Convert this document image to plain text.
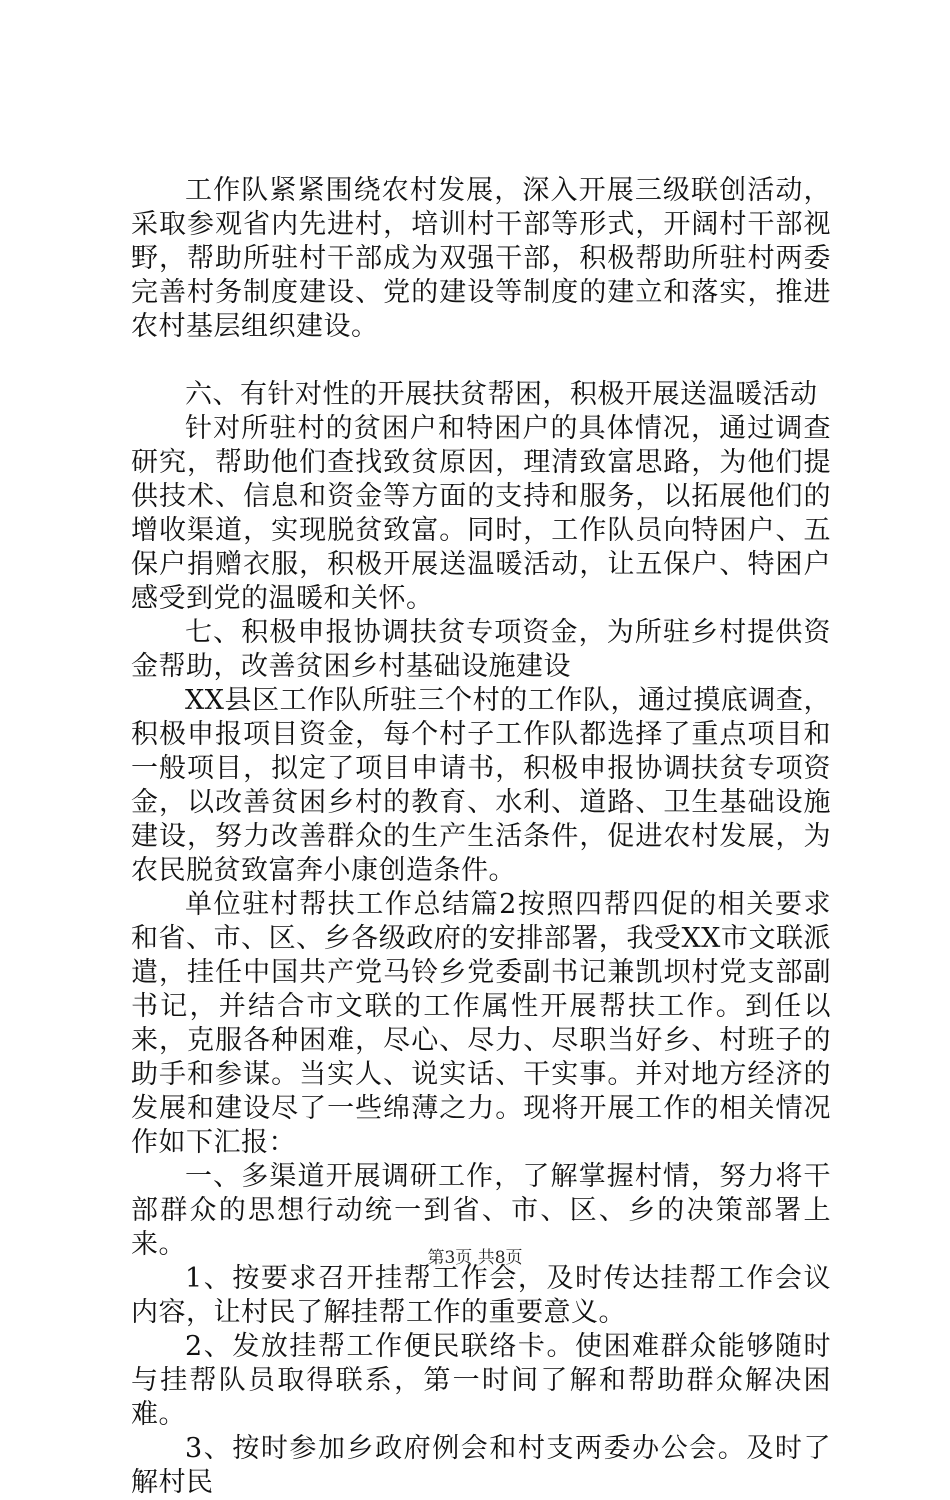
工作队紧紧围绕农村发展，深入开展三级联创活动，采取参观省内先进村，培训村干部等形式，开阔村干部视野，帮助所驻村干部成为双强干部，积极帮助所驻村两委完善村务制度建设、党的建设等制度的建立和落实，推进农村基层组织建设。

六、有针对性的开展扶贫帮困，积极开展送温暖活动

针对所驻村的贫困户和特困户的具体情况，通过调查研究，帮助他们查找致贫原因，理清致富思路，为他们提供技术、信息和资金等方面的支持和服务，以拓展他们的增收渠道，实现脱贫致富。同时，工作队员向特困户、五保户捐赠衣服，积极开展送温暖活动，让五保户、特困户感受到党的温暖和关怀。

七、积极申报协调扶贫专项资金，为所驻乡村提供资金帮助，改善贫困乡村基础设施建设

XX县区工作队所驻三个村的工作队，通过摸底调查，积极申报项目资金，每个村子工作队都选择了重点项目和一般项目，拟定了项目申请书，积极申报协调扶贫专项资金，以改善贫困乡村的教育、水利、道路、卫生基础设施建设，努力改善群众的生产生活条件，促进农村发展，为农民脱贫致富奔小康创造条件。

单位驻村帮扶工作总结篇2按照四帮四促的相关要求和省、市、区、乡各级政府的安排部署，我受XX市文联派遣，挂任中国共产党马铃乡党委副书记兼凯坝村党支部副书记，并结合市文联的工作属性开展帮扶工作。到任以来，克服各种困难，尽心、尽力、尽职当好乡、村班子的助手和参谋。当实人、说实话、干实事。并对地方经济的发展和建设尽了一些绵薄之力。现将开展工作的相关情况作如下汇报：

一、多渠道开展调研工作，了解掌握村情，努力将干部群众的思想行动统一到省、市、区、乡的决策部署上来。

1、按要求召开挂帮工作会，及时传达挂帮工作会议内容，让村民了解挂帮工作的重要意义。

2、发放挂帮工作便民联络卡。使困难群众能够随时与挂帮队员取得联系，第一时间了解和帮助群众解决困难。

3、按时参加乡政府例会和村支两委办公会。及时了解村民

第3页 共8页
